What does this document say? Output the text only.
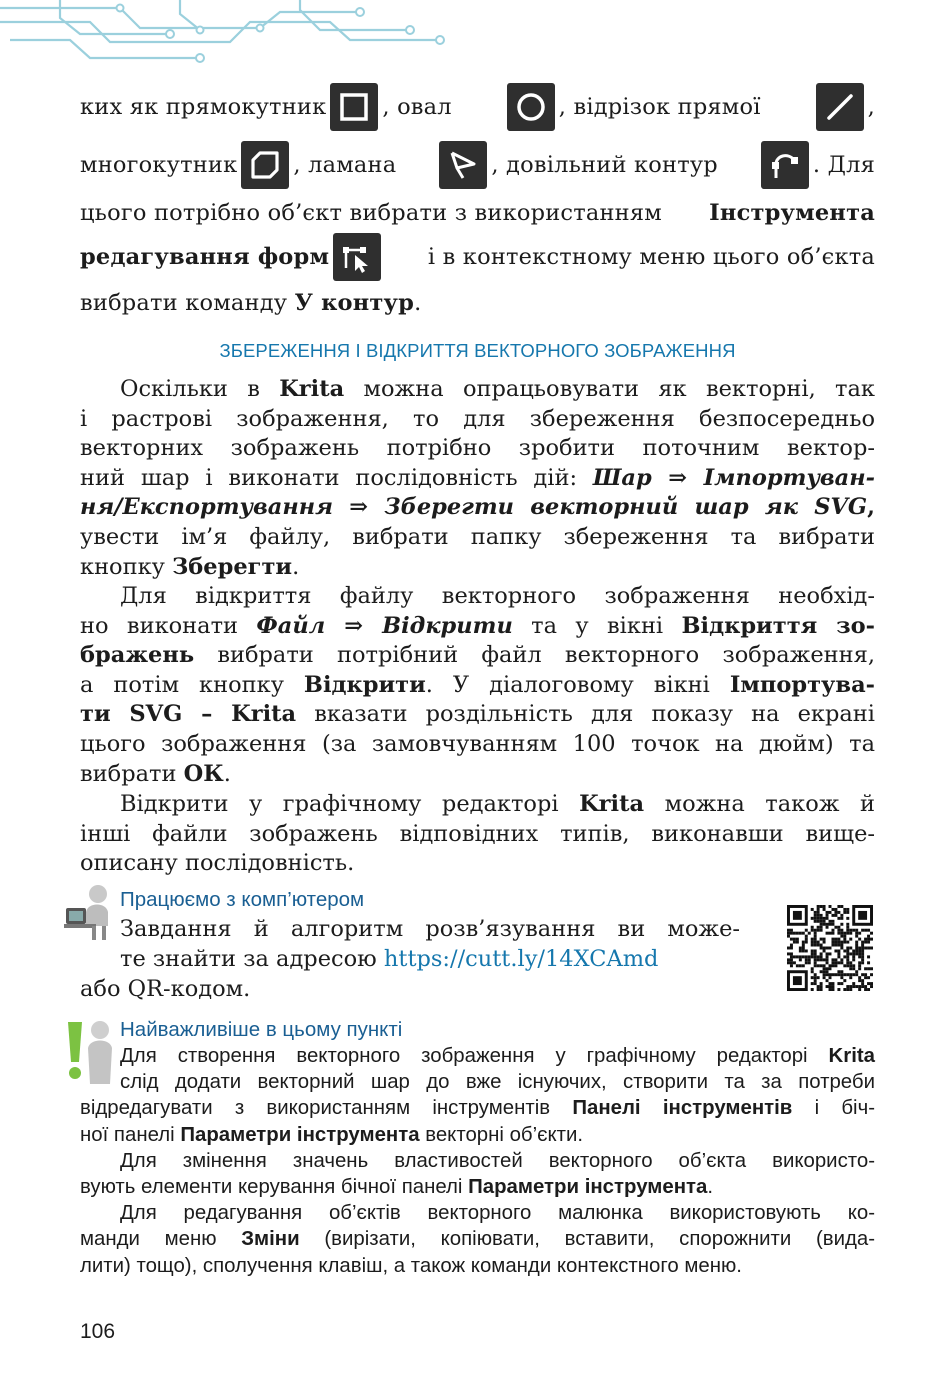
ких як прямокутник , овал	, відрізок прямої	,
многокутник , ламана	, довільний контур	. Для
цього потрібно об’єкт вибрати з використанням Інструмента
редагування форм	і в контекстному меню цього об’єкта
вибрати команду У контур.
ЗБЕРЕЖЕННЯ І ВІДКРИТТЯ ВЕКТОРНОГО ЗОБРАЖЕННЯ
Оскільки в Krita можна опрацьовувати як векторні, так
і растрові зображення, то для збереження безпосередньо
векторних зображень потрібно зробити поточним вектор-
ний шар і виконати послідовність дій: Шар ⇒ Імпортуван-
ня/Експортування ⇒ Зберегти векторний шар як SVG,
увести ім’я файлу, вибрати папку збереження та вибрати
кнопку Зберегти.
Для відкриття файлу векторного зображення необхід-
но виконати Файл ⇒ Відкрити та у вікні Відкриття зо-
бражень вибрати потрібний файл векторного зображення,
а потім кнопку Відкрити. У діалоговому вікні Імпортува-
ти SVG – Krita вказати роздільність для показу на екрані
цього зображення (за замовчуванням 100 точок на дюйм) та
вибрати ОК.
Відкрити у графічному редакторі Krita можна також й
інші файли зображень відповідних типів, виконавши вище-
описану послідовність.
Працюємо з комп’ютером
Завдання й алгоритм розв’язування ви може-
те знайти за адресою https://cutt.ly/14XCAmd
або QR-кодом.
Найважливіше в цьому пункті
Для створення векторного зображення у графічному редакторі Krita
слід додати векторний шар до вже існуючих, створити та за потреби
відредагувати з використанням інструментів Панелі інструментів і біч-
ної панелі Параметри інструмента векторні об’єкти.
Для змінення значень властивостей векторного об’єкта використо-
вують елементи керування бічної панелі Параметри інструмента.
Для редагування об’єктів векторного малюнка використовують ко-
манди меню Зміни (вирізати, копіювати, вставити, спорожнити (вида-
лити) тощо), сполучення клавіш, а також команди контекстного меню.
106
